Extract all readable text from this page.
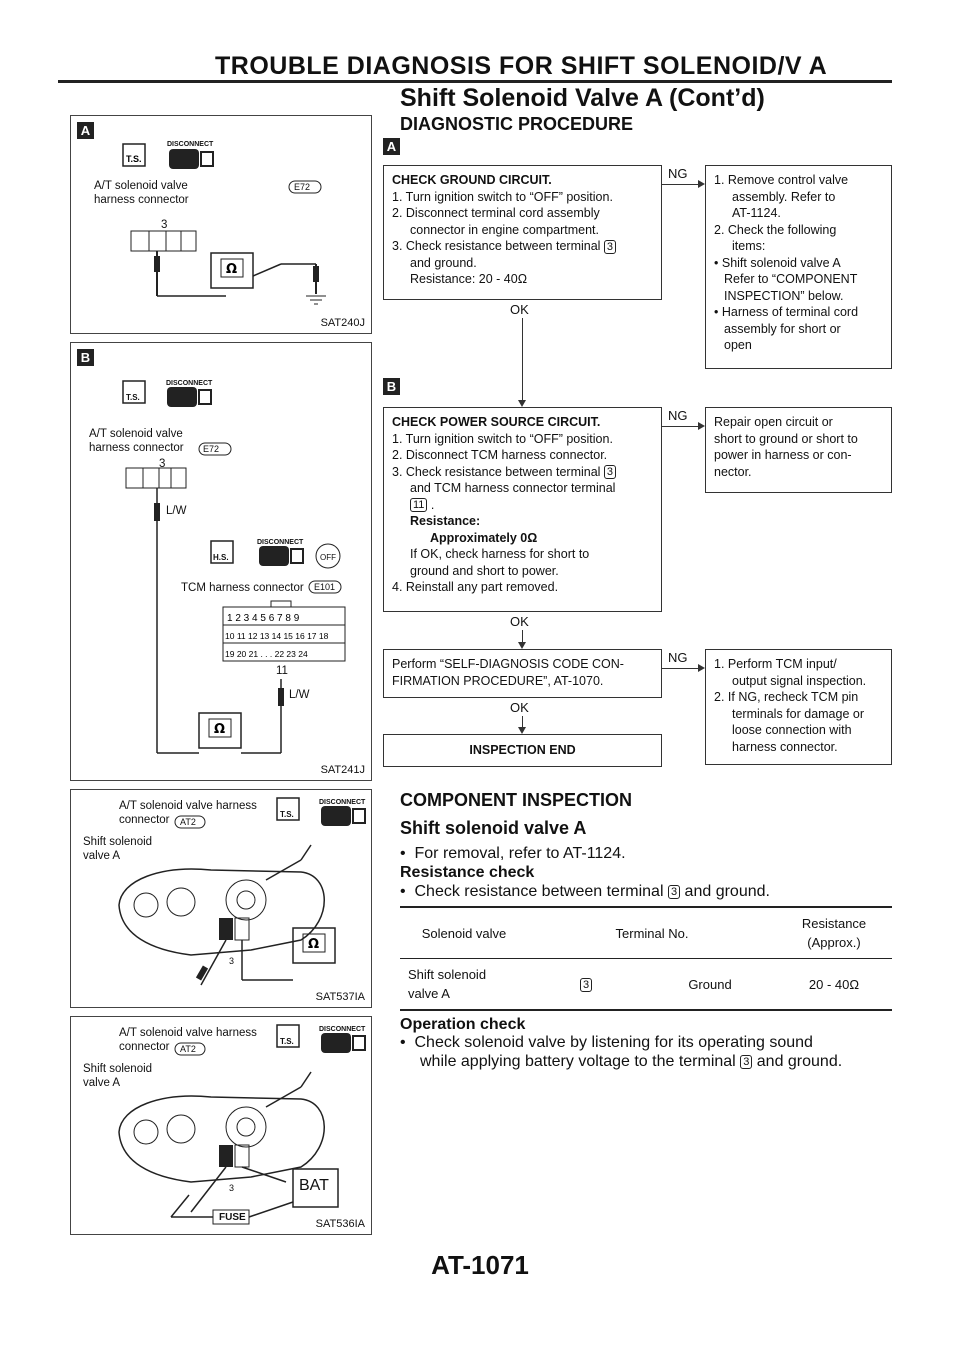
TROUBLE DIAGNOSIS FOR SHIFT SOLENOID/V A
Shift Solenoid Valve A (Cont’d)
A
T.S.
Ω
DISCONNECT
A/T solenoid valve
harness connector
E72
3
SAT240J
B
1 2 3 4 5 6 7 8 9
10 11 12 13 14 15 16 17 18
19 20 21 . . . 22 23 24
Ω
DISCONNECT
T.S.
A/T solenoid valve
harness connector E72
3
L/W
H.S.
DISCONNECT
OFF
TCM harness connector E101
11
L/W
SAT241J
Ω
A/T solenoid valve harness
connector AT2
T.S.
DISCONNECT
Shift solenoid
valve A
3
SAT537IA
A/T solenoid valve harness
connector AT2
T.S.
DISCONNECT
Shift solenoid
valve A
3
FUSE
BAT
SAT536IA
DIAGNOSTIC PROCEDURE
A
CHECK GROUND CIRCUIT.
1. Turn ignition switch to “OFF” position.
2. Disconnect terminal cord assembly
connector in engine compartment.
3. Check resistance between terminal 3
and ground.
Resistance: 20 - 40Ω
NG 1. Remove control valve
assembly. Refer to
AT-1124.
2. Check the following
items:
• Shift solenoid valve A
Refer to “COMPONENT
INSPECTION” below.
• Harness of terminal cord
assembly for short or
open
OK
B
CHECK POWER SOURCE CIRCUIT.
1. Turn ignition switch to “OFF” position.
2. Disconnect TCM harness connector.
3. Check resistance between terminal 3
and TCM harness connector terminal
11 .
Resistance:
Approximately 0Ω
If OK, check harness for short to
ground and short to power.
4. Reinstall any part removed.
NG Repair open circuit or
short to ground or short to
power in harness or con-
nector.
OK
Perform “SELF-DIAGNOSIS CODE CON-
FIRMATION PROCEDURE”, AT-1070.
NG 1. Perform TCM input/
output signal inspection.
2. If NG, recheck TCM pin
terminals for damage or
loose connection with
harness connector.
OK
INSPECTION END
COMPONENT INSPECTION
Shift solenoid valve A
•  For removal, refer to AT-1124.
Resistance check
•  Check resistance between terminal 3 and ground.
Solenoid valve	Terminal No.		Resistance
(Approx.)

Shift solenoid
valve A	3	Ground	20 - 40Ω
Operation check
•  Check solenoid valve by listening for its operating sound
while applying battery voltage to the terminal 3 and ground.
AT-1071
